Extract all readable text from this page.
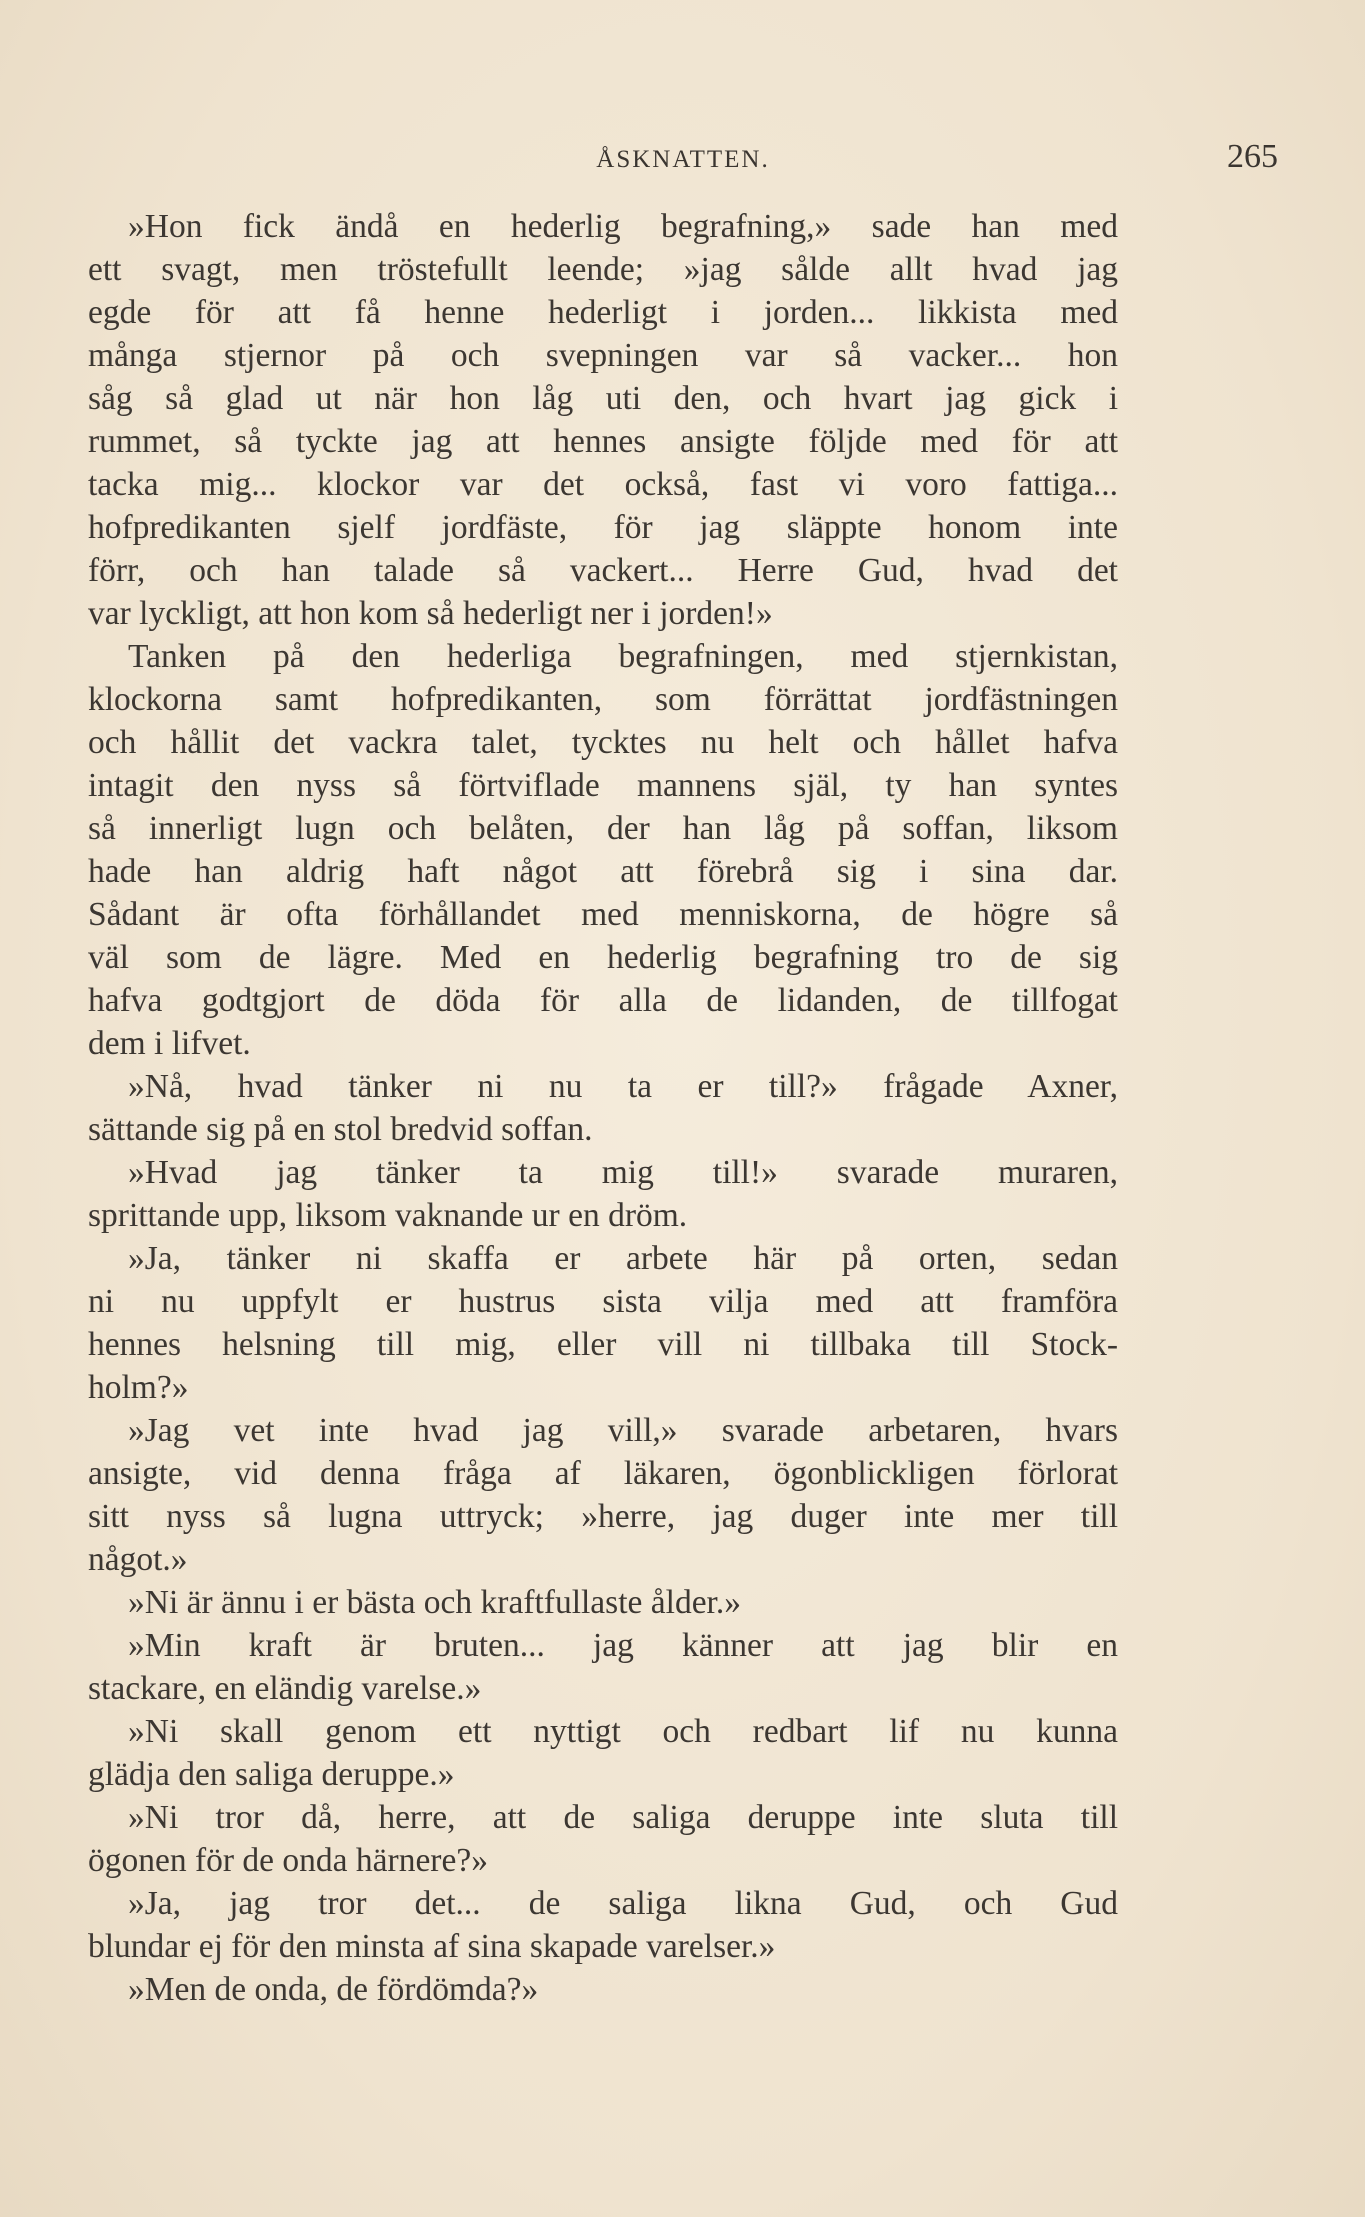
ÅSKNATTEN.	265
»Hon fick ändå en hederlig begrafning,» sade han med
ett svagt, men tröstefullt leende; »jag sålde allt hvad jag
egde för att få henne hederligt i jorden... likkista med
många stjernor på och svepningen var så vacker... hon
såg så glad ut när hon låg uti den, och hvart jag gick i
rummet, så tyckte jag att hennes ansigte följde med för att
tacka mig... klockor var det också, fast vi voro fattiga...
hofpredikanten sjelf jordfäste, för jag släppte honom inte
förr, och han talade så vackert... Herre Gud, hvad det
var lyckligt, att hon kom så hederligt ner i jorden!»
Tanken på den hederliga begrafningen, med stjernkistan,
klockorna samt hofpredikanten, som förrättat jordfästningen
och hållit det vackra talet, tycktes nu helt och hållet hafva
intagit den nyss så förtviflade mannens själ, ty han syntes
så innerligt lugn och belåten, der han låg på soffan, liksom
hade han aldrig haft något att förebrå sig i sina dar.
Sådant är ofta förhållandet med menniskorna, de högre så
väl som de lägre. Med en hederlig begrafning tro de sig
hafva godtgjort de döda för alla de lidanden, de tillfogat
dem i lifvet.
»Nå, hvad tänker ni nu ta er till?» frågade Axner,
sättande sig på en stol bredvid soffan.
»Hvad jag tänker ta mig till!» svarade muraren,
sprittande upp, liksom vaknande ur en dröm.
»Ja, tänker ni skaffa er arbete här på orten, sedan
ni nu uppfylt er hustrus sista vilja med att framföra
hennes helsning till mig, eller vill ni tillbaka till Stock-
holm?»
»Jag vet inte hvad jag vill,» svarade arbetaren, hvars
ansigte, vid denna fråga af läkaren, ögonblickligen förlorat
sitt nyss så lugna uttryck; »herre, jag duger inte mer till
något.»
»Ni är ännu i er bästa och kraftfullaste ålder.»
»Min kraft är bruten... jag känner att jag blir en
stackare, en eländig varelse.»
»Ni skall genom ett nyttigt och redbart lif nu kunna
glädja den saliga deruppe.»
»Ni tror då, herre, att de saliga deruppe inte sluta till
ögonen för de onda härnere?»
»Ja, jag tror det... de saliga likna Gud, och Gud
blundar ej för den minsta af sina skapade varelser.»
»Men de onda, de fördömda?»
